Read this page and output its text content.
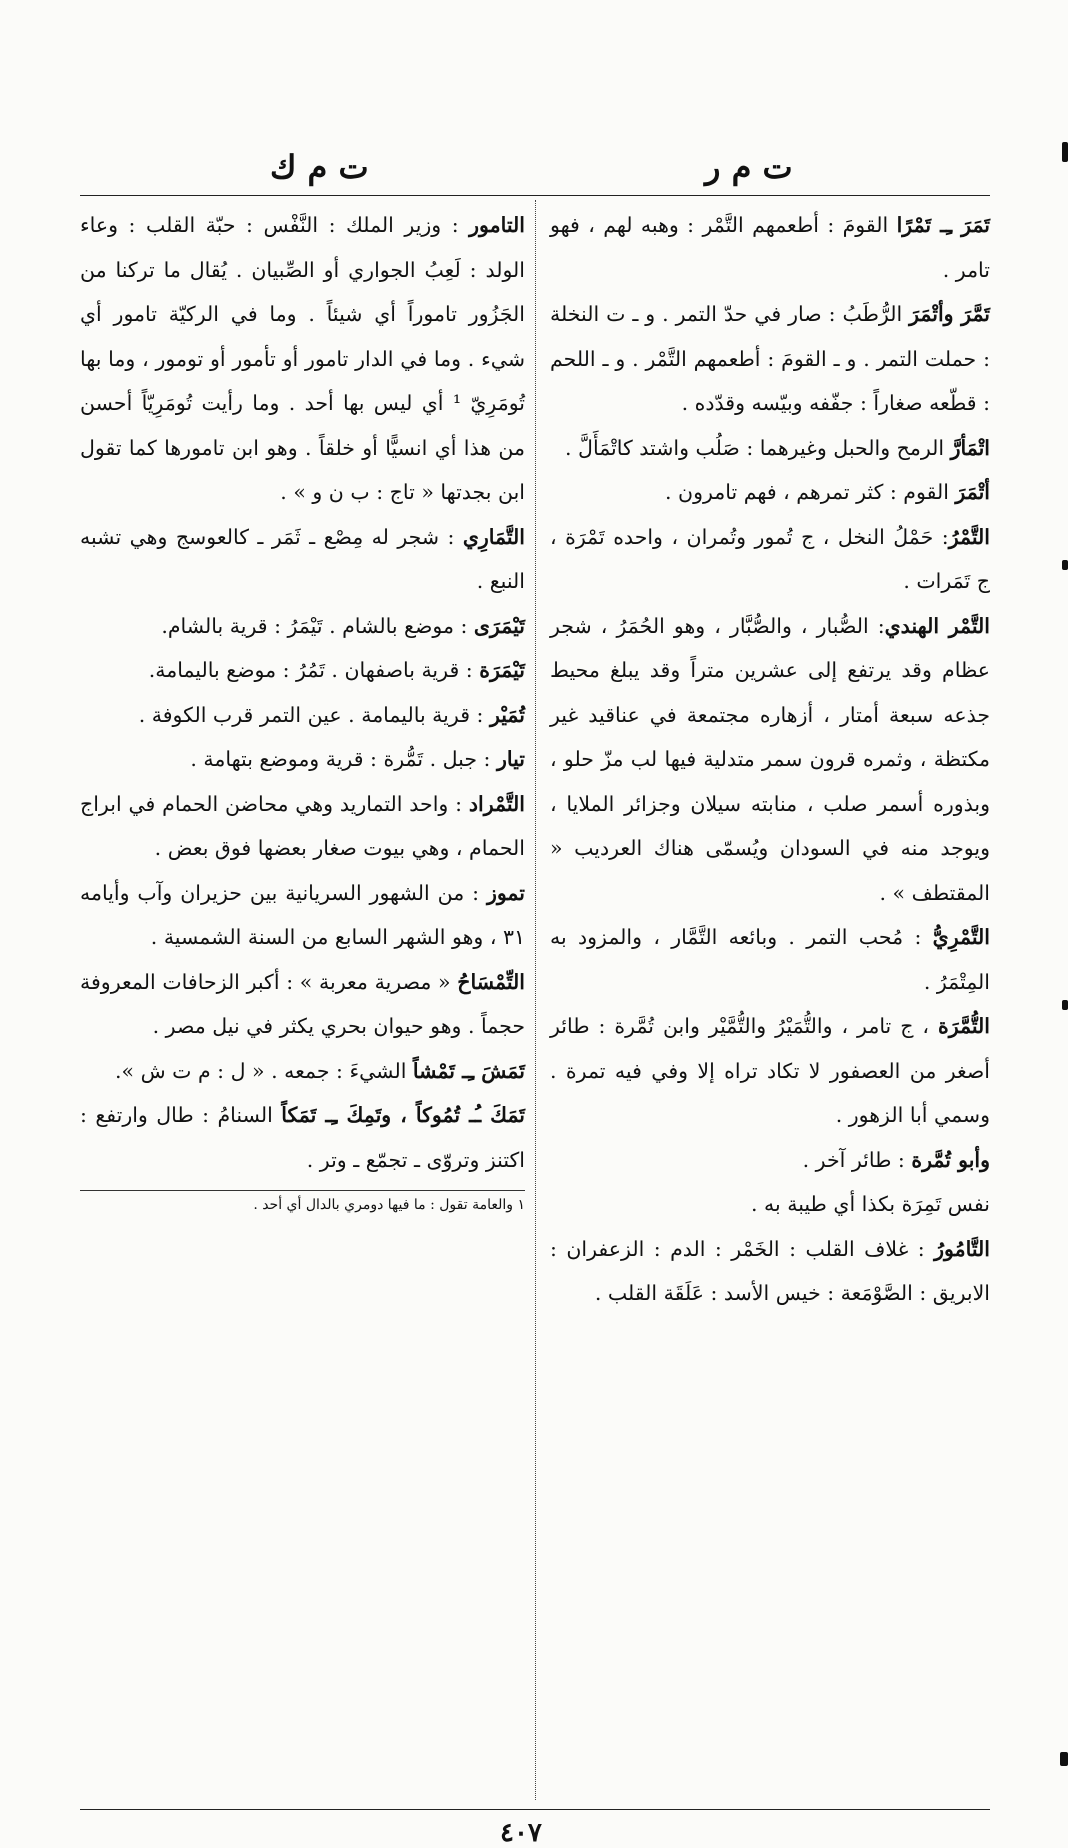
ت م ر
ت م ك

تَمَرَ ـِـ تَمْرًا القومَ : أطعمهم التَّمْر : وهبه لهم ، فهو تامر .

تَمَّرَ وأتْمَرَ الرُّطَبُ : صار في حدّ التمر . و ـ ت النخلة : حملت التمر . و ـ القومَ : أطعمهم التَّمْر . و ـ اللحم : قطّعه صغاراً : جفّفه وبيّسه وقدّده .

اتْمَأرَّ الرمح والحبل وغيرهما : صَلُب واشتد كاتْمَأَلَّ .

أتْمَرَ القوم : كثر تمرهم ، فهم تامرون .

التَّمْرُ: حَمْلُ النخل ، ج تُمور وتُمران ، واحده تَمْرَة ، ج تَمَرات .

التَّمْر الهندي: الصُّبار ، والصُّبَّار ، وهو الحُمَرُ ، شجر عظام وقد يرتفع إلى عشرين متراً وقد يبلغ محيط جذعه سبعة أمتار ، أزهاره مجتمعة في عناقيد غير مكتظة ، وثمره قرون سمر متدلية فيها لب مزّ حلو ، وبذوره أسمر صلب ، منابته سيلان وجزائر الملايا ، ويوجد منه في السودان ويُسمّى هناك العرديب « المقتطف » .

التَّمْرِيُّ : مُحب التمر . وبائعه التَّمَّار ، والمزود به المِتْمَرُ .

التُّمَّرَة ، ج تامر ، والتُّمَيْرُ والتُّمَّيْر وابن تُمَّرة : طائر أصغر من العصفور لا تكاد تراه إلا وفي فيه تمرة . وسمي أبا الزهور .

وأبو تُمَّرة : طائر آخر .

نفس تَمِرَة بكذا أي طيبة به .

التَّامُورُ : غلاف القلب : الخَمْر : الدم : الزعفران : الابريق : الصَّوْمَعة : خيس الأسد : عَلَقَة القلب .

التامور : وزير الملك : النَّفْس : حبّة القلب : وعاء الولد : لَعِبُ الجواري أو الصِّبيان . يُقال ما تركنا من الجَزُور تاموراً أي شيئاً . وما في الركيّة تامور أي شيء . وما في الدار تامور أو تأمور أو تومور ، وما بها تُومَرِيّ ¹ أي ليس بها أحد . وما رأيت تُومَرِيّاً أحسن من هذا أي انسيًّا أو خلقاً . وهو ابن تامورها كما تقول ابن بجدتها « تاج : ب ن و » .

التَّمَارِي : شجر له مِصْع ـ ثَمَر ـ كالعوسج وهي تشبه النبع .

تَيْمَرَى : موضع بالشام . تَيْمَرُ : قرية بالشام.

تَيْمَرَة : قرية باصفهان . تَمُرُ : موضع باليمامة.

تُمَيْر : قرية باليمامة . عين التمر قرب الكوفة .

تيار : جبل . تَمُّرة : قرية وموضع بتهامة .

التَّمْراد : واحد التماريد وهي محاضن الحمام في ابراج الحمام ، وهي بيوت صغار بعضها فوق بعض .

تموز : من الشهور السريانية بين حزيران وآب وأيامه ٣١ ، وهو الشهر السابع من السنة الشمسية .

التِّمْسَاحُ « مصرية معربة » : أكبر الزحافات المعروفة حجماً . وهو حيوان بحري يكثر في نيل مصر .

تَمَشَ ـِـ تَمْشاً الشيءَ : جمعه . « ل : م ت ش ».

تَمَكَ ـُـ تُمُوكاً ، وتَمِكَ ـِـ تَمَكاً السنامُ : طال وارتفع : اكتنز وتروّى ـ تجمّع ـ وتر .

١ والعامة تقول : ما فيها دومري بالدال أي أحد .
٤٠٧
